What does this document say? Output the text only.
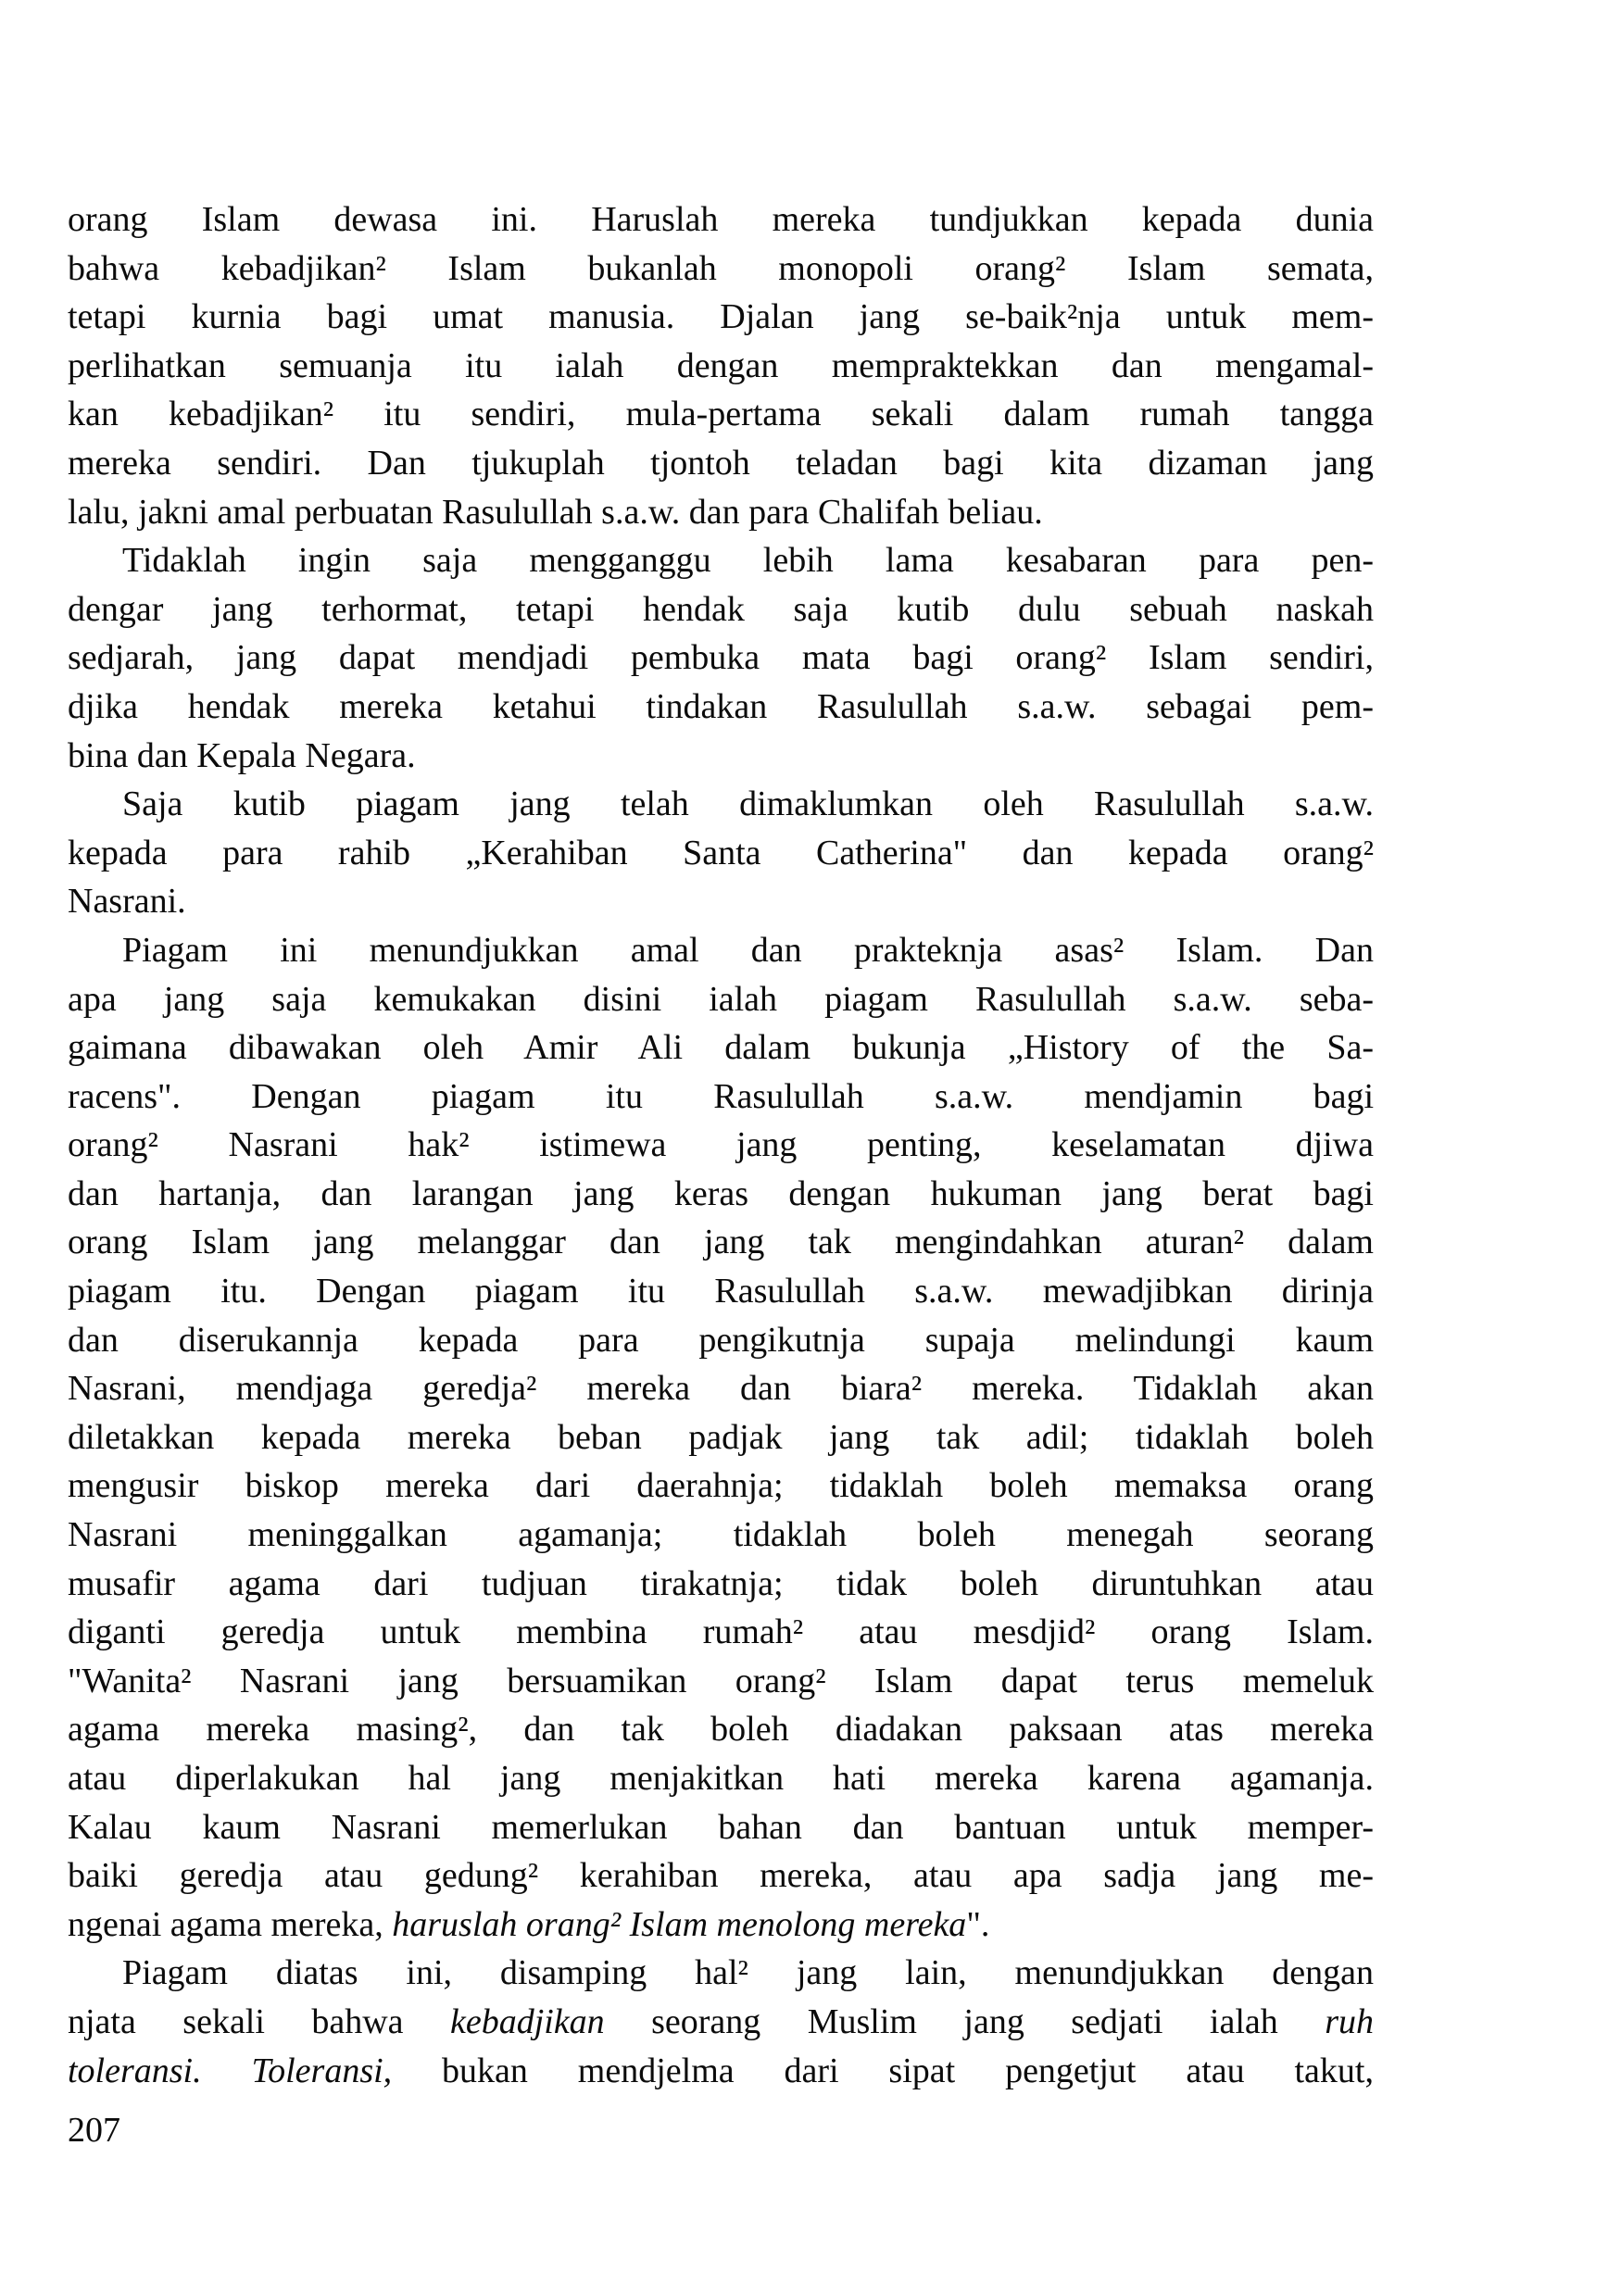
orang Islam dewasa ini. Haruslah mereka tundjukkan kepada dunia
bahwa kebadjikan² Islam bukanlah monopoli orang² Islam semata,
tetapi kurnia bagi umat manusia. Djalan jang se-baik²nja untuk mem-
perlihatkan semuanja itu ialah dengan mempraktekkan dan mengamal-
kan kebadjikan² itu sendiri, mula-pertama sekali dalam rumah tangga
mereka sendiri. Dan tjukuplah tjontoh teladan bagi kita dizaman jang
lalu, jakni amal perbuatan Rasulullah s.a.w. dan para Chalifah beliau.
Tidaklah ingin saja mengganggu lebih lama kesabaran para pen-
dengar jang terhormat, tetapi hendak saja kutib dulu sebuah naskah
sedjarah, jang dapat mendjadi pembuka mata bagi orang² Islam sendiri,
djika hendak mereka ketahui tindakan Rasulullah s.a.w. sebagai pem-
bina dan Kepala Negara.
Saja kutib piagam jang telah dimaklumkan oleh Rasulullah s.a.w.
kepada para rahib „Kerahiban Santa Catherina" dan kepada orang²
Nasrani.
Piagam ini menundjukkan amal dan prakteknja asas² Islam. Dan
apa jang saja kemukakan disini ialah piagam Rasulullah s.a.w. seba-
gaimana dibawakan oleh Amir Ali dalam bukunja „History of the Sa-
racens". Dengan piagam itu Rasulullah s.a.w. mendjamin bagi
orang² Nasrani hak² istimewa jang penting, keselamatan djiwa
dan hartanja, dan larangan jang keras dengan hukuman jang berat bagi
orang Islam jang melanggar dan jang tak mengindahkan aturan² dalam
piagam itu. Dengan piagam itu Rasulullah s.a.w. mewadjibkan dirinja
dan diserukannja kepada para pengikutnja supaja melindungi kaum
Nasrani, mendjaga geredja² mereka dan biara² mereka. Tidaklah akan
diletakkan kepada mereka beban padjak jang tak adil; tidaklah boleh
mengusir biskop mereka dari daerahnja; tidaklah boleh memaksa orang
Nasrani meninggalkan agamanja; tidaklah boleh menegah seorang
musafir agama dari tudjuan tirakatnja; tidak boleh diruntuhkan atau
diganti geredja untuk membina rumah² atau mesdjid² orang Islam.
"Wanita² Nasrani jang bersuamikan orang² Islam dapat terus memeluk
agama mereka masing², dan tak boleh diadakan paksaan atas mereka
atau diperlakukan hal jang menjakitkan hati mereka karena agamanja.
Kalau kaum Nasrani memerlukan bahan dan bantuan untuk memper-
baiki geredja atau gedung² kerahiban mereka, atau apa sadja jang me-
ngenai agama mereka, haruslah orang² Islam menolong mereka".
Piagam diatas ini, disamping hal² jang lain, menundjukkan dengan
njata sekali bahwa kebadjikan seorang Muslim jang sedjati ialah ruh
toleransi. Toleransi, bukan mendjelma dari sipat pengetjut atau takut,
207
